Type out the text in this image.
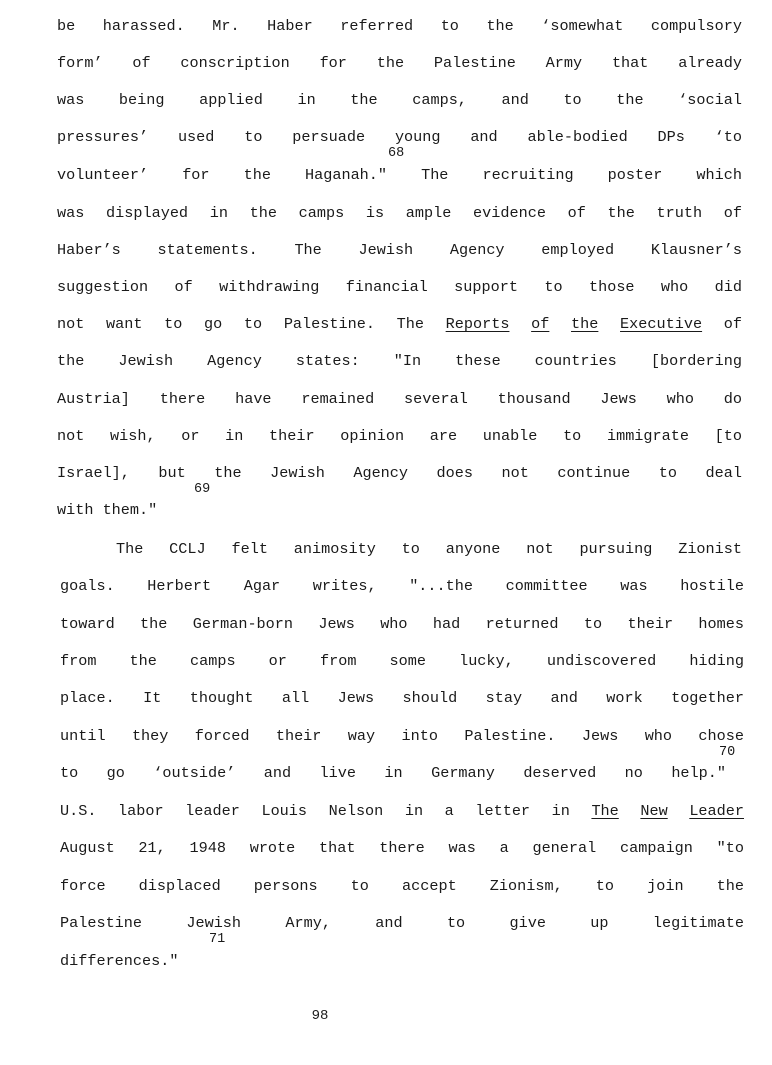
be harassed. Mr. Haber referred to the ‘somewhat compulsory
form’ of conscription for the Palestine Army that already
was being applied in the camps, and to the ‘social
pressures’ used to persuade young and able-bodied DPs ‘to
68
volunteer’ for the Haganah." The recruiting poster which
was displayed in the camps is ample evidence of the truth of
Haber’s statements. The Jewish Agency employed Klausner’s
suggestion of withdrawing financial support to those who did
not want to go to Palestine. The Reports of the Executive of
the Jewish Agency states: "In these countries [bordering
Austria] there have remained several thousand Jews who do
not wish, or in their opinion are unable to immigrate [to
Israel], but the Jewish Agency does not continue to deal
69
with them."
The CCLJ felt animosity to anyone not pursuing Zionist
goals. Herbert Agar writes, "...the committee was hostile
toward the German-born Jews who had returned to their homes
from the camps or from some lucky, undiscovered hiding
place. It thought all Jews should stay and work together
until they forced their way into Palestine. Jews who chose
70
to go ‘outside’ and live in Germany deserved no help."
U.S. labor leader Louis Nelson in a letter in The New Leader
August 21, 1948 wrote that there was a general campaign "to
force displaced persons to accept Zionism, to join the
Palestine Jewish Army, and to give up legitimate
71
differences."
98
